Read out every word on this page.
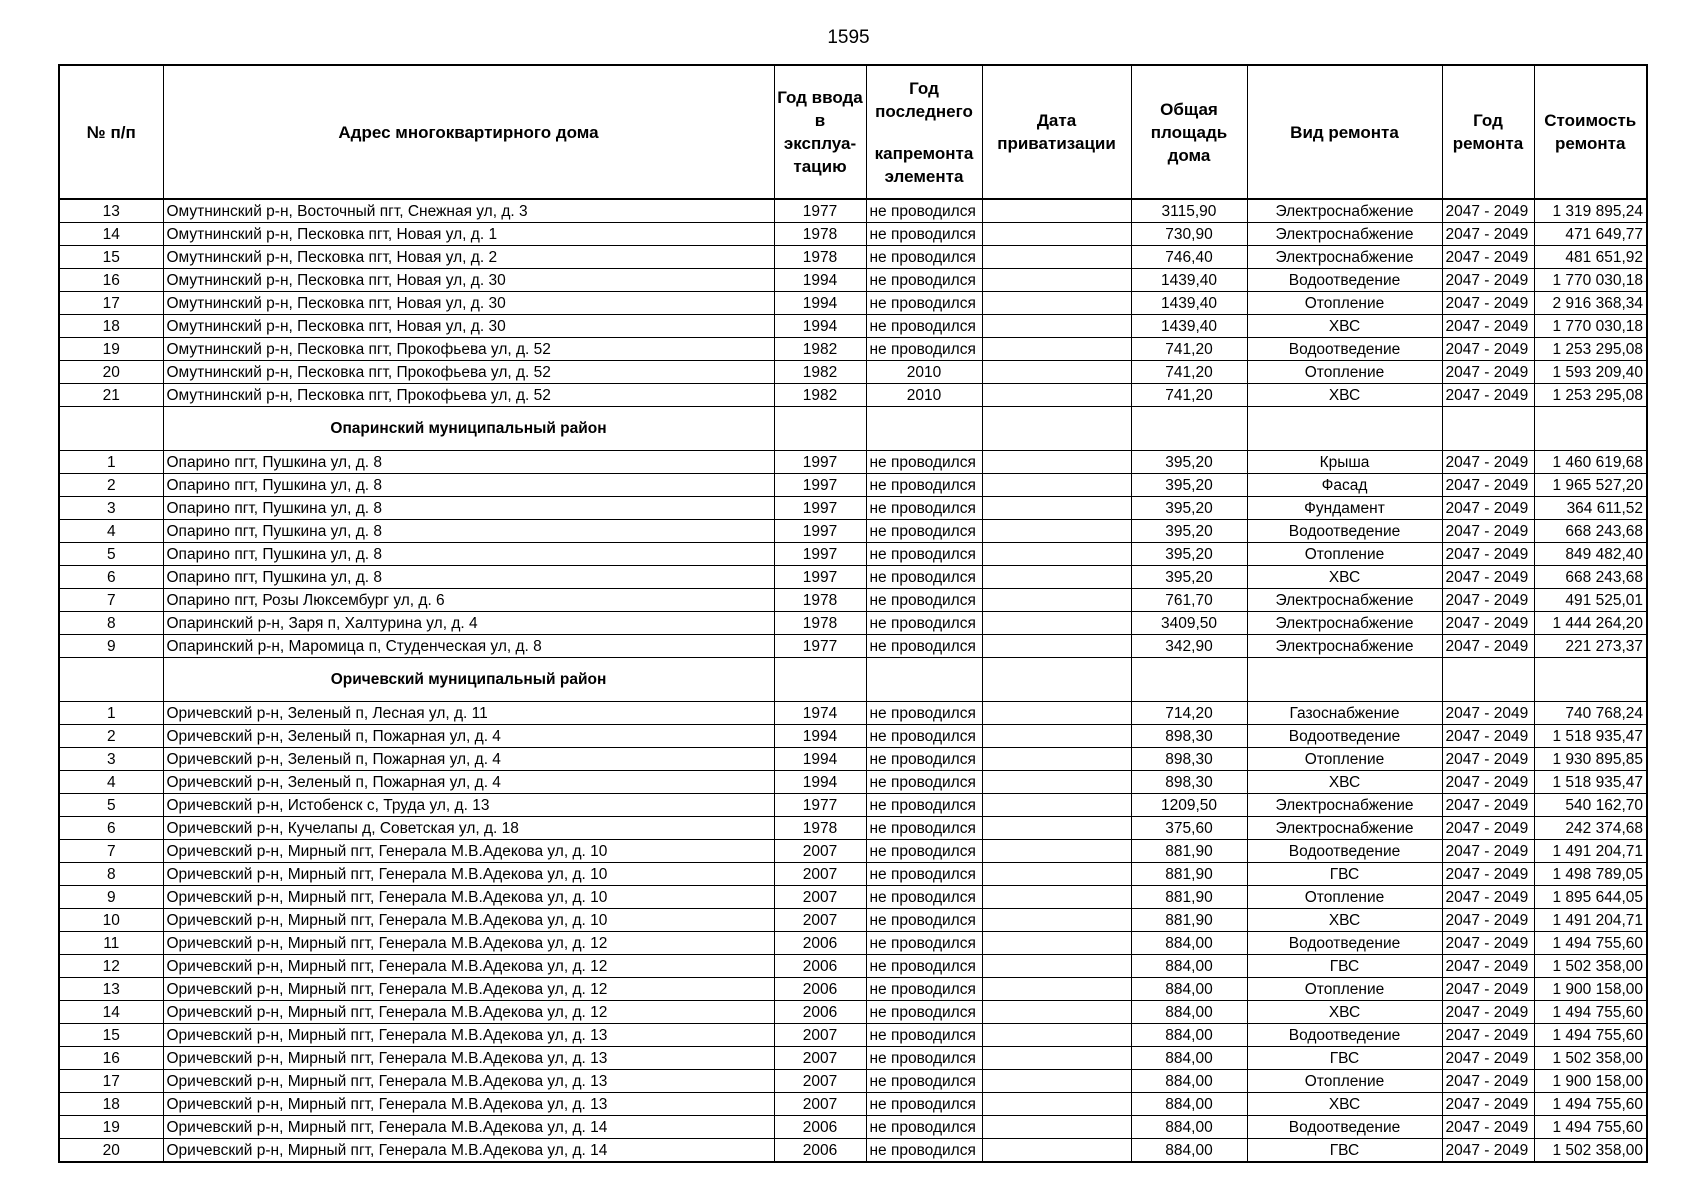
1595
№ п/п	Адрес многоквартирного дома	Год ввода в эксплуа-тацию	Год последнего
капремонта элемента	Дата приватизации	Общая площадь дома	Вид ремонта	Год ремонта	Стоимость ремонта
13	Омутнинский р-н, Восточный пгт, Снежная ул, д. 3	1977	не проводился		3115,90	Электроснабжение	2047 - 2049	1 319 895,24
14	Омутнинский р-н, Песковка пгт, Новая ул, д. 1	1978	не проводился		730,90	Электроснабжение	2047 - 2049	471 649,77
15	Омутнинский р-н, Песковка пгт, Новая ул, д. 2	1978	не проводился		746,40	Электроснабжение	2047 - 2049	481 651,92
16	Омутнинский р-н, Песковка пгт, Новая ул, д. 30	1994	не проводился		1439,40	Водоотведение	2047 - 2049	1 770 030,18
17	Омутнинский р-н, Песковка пгт, Новая ул, д. 30	1994	не проводился		1439,40	Отопление	2047 - 2049	2 916 368,34
18	Омутнинский р-н, Песковка пгт, Новая ул, д. 30	1994	не проводился		1439,40	ХВС	2047 - 2049	1 770 030,18
19	Омутнинский р-н, Песковка пгт, Прокофьева ул, д. 52	1982	не проводился		741,20	Водоотведение	2047 - 2049	1 253 295,08
20	Омутнинский р-н, Песковка пгт, Прокофьева ул, д. 52	1982	2010		741,20	Отопление	2047 - 2049	1 593 209,40
21	Омутнинский р-н, Песковка пгт, Прокофьева ул, д. 52	1982	2010		741,20	ХВС	2047 - 2049	1 253 295,08
	Опаринский муниципальный район							
1	Опарино пгт, Пушкина ул, д. 8	1997	не проводился		395,20	Крыша	2047 - 2049	1 460 619,68
2	Опарино пгт, Пушкина ул, д. 8	1997	не проводился		395,20	Фасад	2047 - 2049	1 965 527,20
3	Опарино пгт, Пушкина ул, д. 8	1997	не проводился		395,20	Фундамент	2047 - 2049	364 611,52
4	Опарино пгт, Пушкина ул, д. 8	1997	не проводился		395,20	Водоотведение	2047 - 2049	668 243,68
5	Опарино пгт, Пушкина ул, д. 8	1997	не проводился		395,20	Отопление	2047 - 2049	849 482,40
6	Опарино пгт, Пушкина ул, д. 8	1997	не проводился		395,20	ХВС	2047 - 2049	668 243,68
7	Опарино пгт, Розы Люксембург ул, д. 6	1978	не проводился		761,70	Электроснабжение	2047 - 2049	491 525,01
8	Опаринский р-н, Заря п, Халтурина ул, д. 4	1978	не проводился		3409,50	Электроснабжение	2047 - 2049	1 444 264,20
9	Опаринский р-н, Маромица п, Студенческая ул, д. 8	1977	не проводился		342,90	Электроснабжение	2047 - 2049	221 273,37
	Оричевский муниципальный район							
1	Оричевский р-н, Зеленый п, Лесная ул, д. 11	1974	не проводился		714,20	Газоснабжение	2047 - 2049	740 768,24
2	Оричевский р-н, Зеленый п, Пожарная ул, д. 4	1994	не проводился		898,30	Водоотведение	2047 - 2049	1 518 935,47
3	Оричевский р-н, Зеленый п, Пожарная ул, д. 4	1994	не проводился		898,30	Отопление	2047 - 2049	1 930 895,85
4	Оричевский р-н, Зеленый п, Пожарная ул, д. 4	1994	не проводился		898,30	ХВС	2047 - 2049	1 518 935,47
5	Оричевский р-н, Истобенск с, Труда ул, д. 13	1977	не проводился		1209,50	Электроснабжение	2047 - 2049	540 162,70
6	Оричевский р-н, Кучелапы д, Советская ул, д. 18	1978	не проводился		375,60	Электроснабжение	2047 - 2049	242 374,68
7	Оричевский р-н, Мирный пгт, Генерала М.В.Адекова ул, д. 10	2007	не проводился		881,90	Водоотведение	2047 - 2049	1 491 204,71
8	Оричевский р-н, Мирный пгт, Генерала М.В.Адекова ул, д. 10	2007	не проводился		881,90	ГВС	2047 - 2049	1 498 789,05
9	Оричевский р-н, Мирный пгт, Генерала М.В.Адекова ул, д. 10	2007	не проводился		881,90	Отопление	2047 - 2049	1 895 644,05
10	Оричевский р-н, Мирный пгт, Генерала М.В.Адекова ул, д. 10	2007	не проводился		881,90	ХВС	2047 - 2049	1 491 204,71
11	Оричевский р-н, Мирный пгт, Генерала М.В.Адекова ул, д. 12	2006	не проводился		884,00	Водоотведение	2047 - 2049	1 494 755,60
12	Оричевский р-н, Мирный пгт, Генерала М.В.Адекова ул, д. 12	2006	не проводился		884,00	ГВС	2047 - 2049	1 502 358,00
13	Оричевский р-н, Мирный пгт, Генерала М.В.Адекова ул, д. 12	2006	не проводился		884,00	Отопление	2047 - 2049	1 900 158,00
14	Оричевский р-н, Мирный пгт, Генерала М.В.Адекова ул, д. 12	2006	не проводился		884,00	ХВС	2047 - 2049	1 494 755,60
15	Оричевский р-н, Мирный пгт, Генерала М.В.Адекова ул, д. 13	2007	не проводился		884,00	Водоотведение	2047 - 2049	1 494 755,60
16	Оричевский р-н, Мирный пгт, Генерала М.В.Адекова ул, д. 13	2007	не проводился		884,00	ГВС	2047 - 2049	1 502 358,00
17	Оричевский р-н, Мирный пгт, Генерала М.В.Адекова ул, д. 13	2007	не проводился		884,00	Отопление	2047 - 2049	1 900 158,00
18	Оричевский р-н, Мирный пгт, Генерала М.В.Адекова ул, д. 13	2007	не проводился		884,00	ХВС	2047 - 2049	1 494 755,60
19	Оричевский р-н, Мирный пгт, Генерала М.В.Адекова ул, д. 14	2006	не проводился		884,00	Водоотведение	2047 - 2049	1 494 755,60
20	Оричевский р-н, Мирный пгт, Генерала М.В.Адекова ул, д. 14	2006	не проводился		884,00	ГВС	2047 - 2049	1 502 358,00
